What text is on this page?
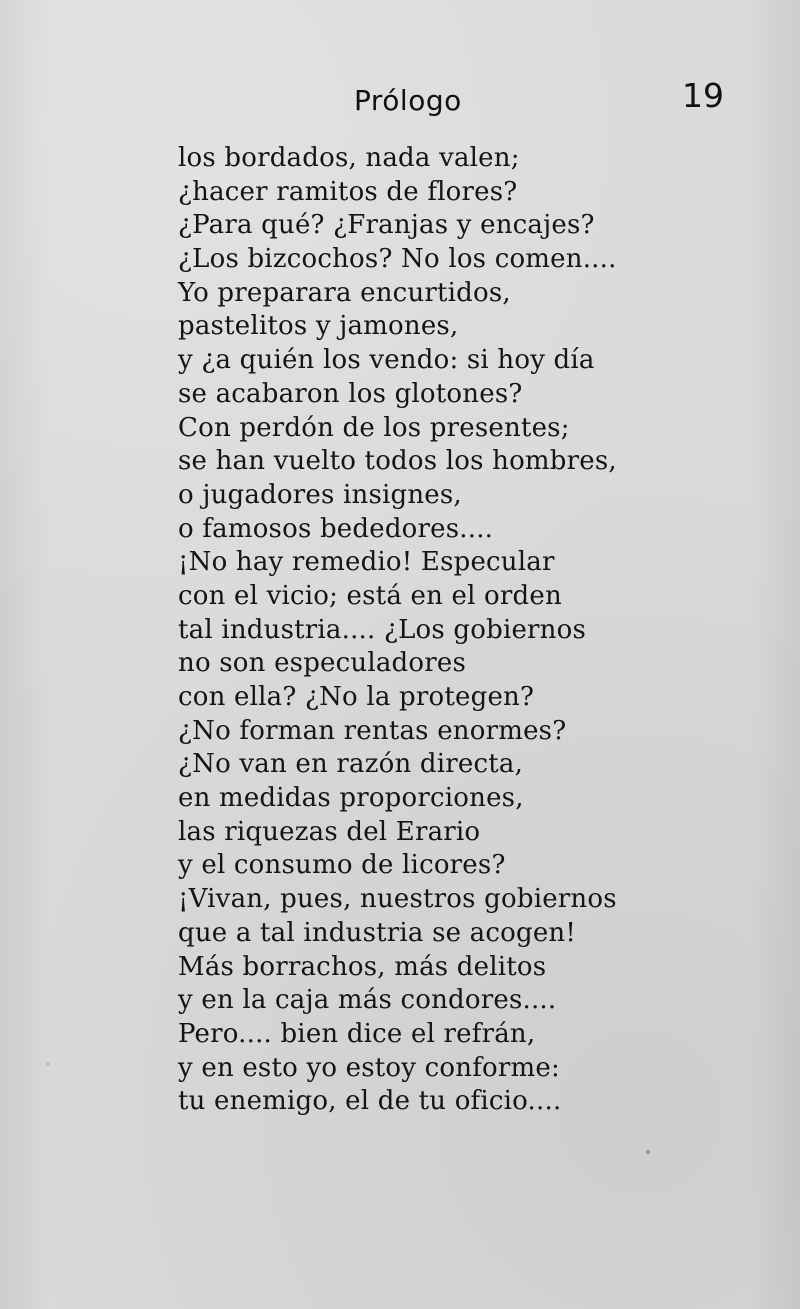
Prólogo	19
los bordados, nada valen;
¿hacer ramitos de flores?
¿Para qué? ¿Franjas y encajes?
¿Los bizcochos? No los comen....
Yo preparara encurtidos,
pastelitos y jamones,
y ¿a quién los vendo: si hoy día
se acabaron los glotones?
Con perdón de los presentes;
se han vuelto todos los hombres,
o jugadores insignes,
o famosos bededores....
¡No hay remedio! Especular
con el vicio; está en el orden
tal industria.... ¿Los gobiernos
no son especuladores
con ella? ¿No la protegen?
¿No forman rentas enormes?
¿No van en razón directa,
en medidas proporciones,
las riquezas del Erario
y el consumo de licores?
¡Vivan, pues, nuestros gobiernos
que a tal industria se acogen!
Más borrachos, más delitos
y en la caja más condores....
Pero.... bien dice el refrán,
y en esto yo estoy conforme:
tu enemigo, el de tu oficio....
